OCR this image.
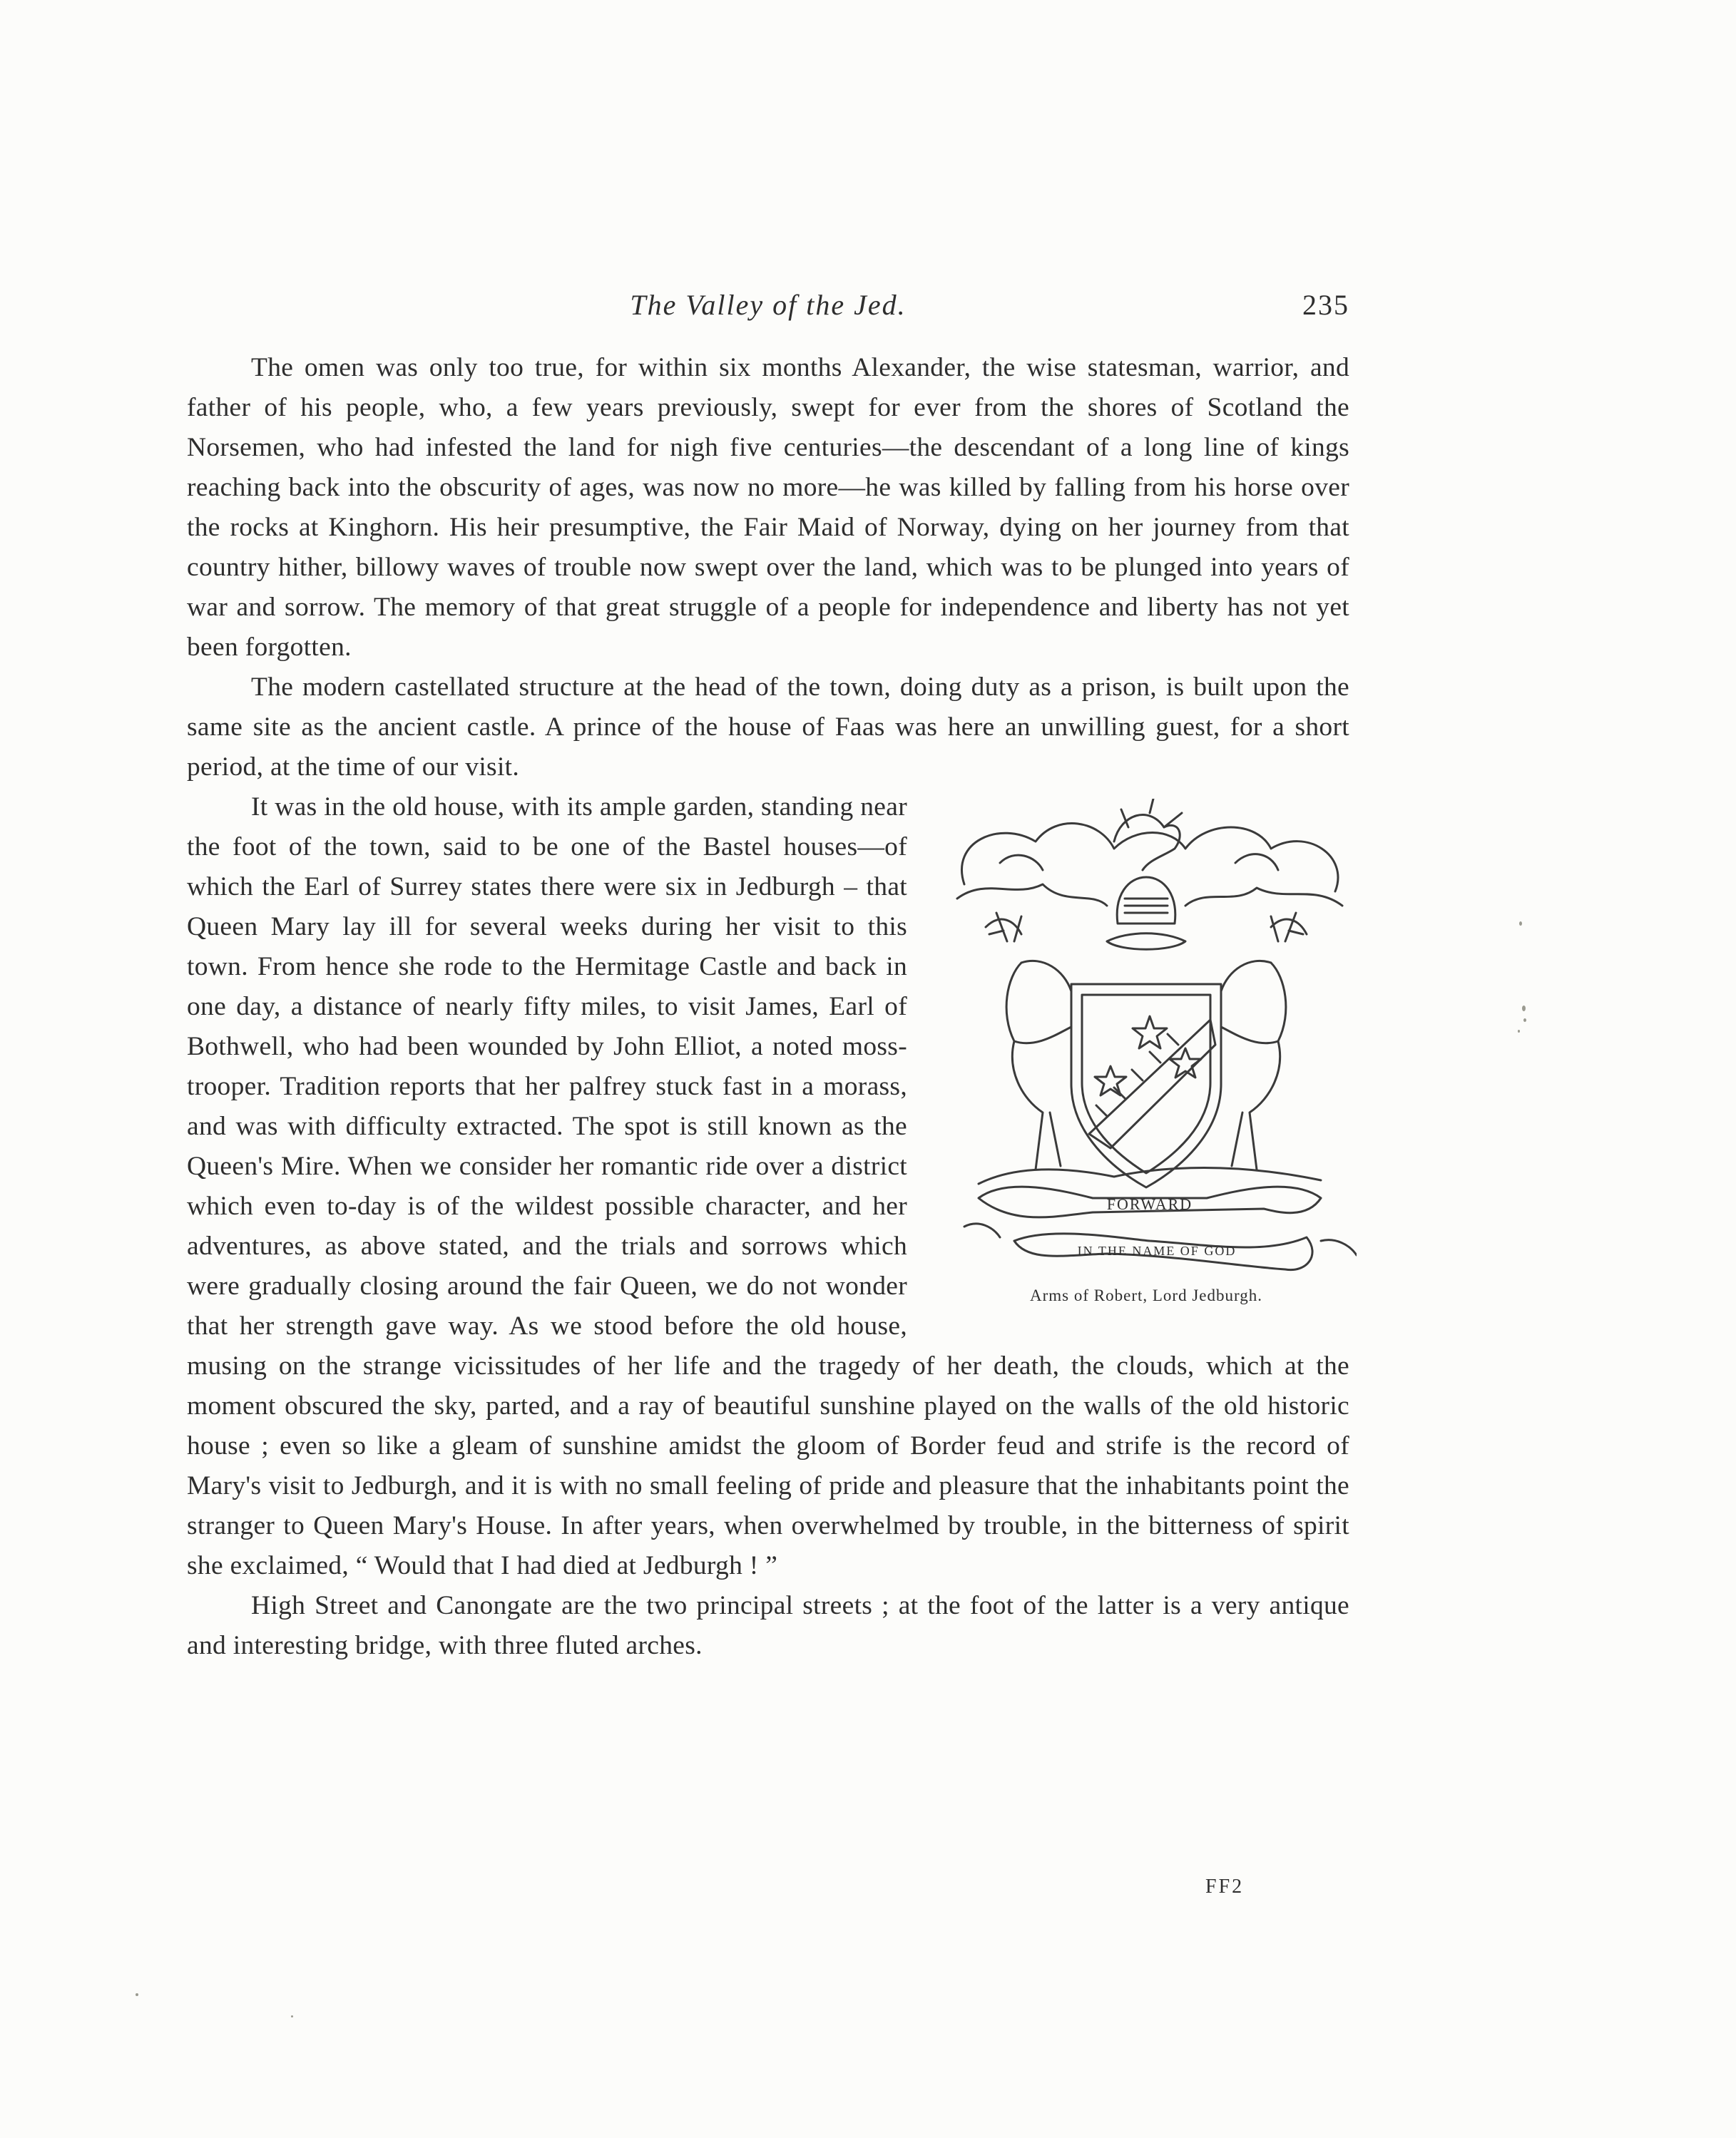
The Valley of the Jed.	235

The omen was only too true, for within six months Alexander, the wise statesman, warrior, and father of his people, who, a few years previously, swept for ever from the shores of Scotland the Norsemen, who had infested the land for nigh five centuries—the descendant of a long line of kings reaching back into the obscurity of ages, was now no more—he was killed by falling from his horse over the rocks at Kinghorn. His heir presumptive, the Fair Maid of Norway, dying on her journey from that country hither, billowy waves of trouble now swept over the land, which was to be plunged into years of war and sorrow. The memory of that great struggle of a people for independence and liberty has not yet been forgotten.

The modern castellated structure at the head of the town, doing duty as a prison, is built upon the same site as the ancient castle. A prince of the house of Faas was here an unwilling guest, for a short period, at the time of our visit.

FORWARD
IN THE NAME OF GOD
Arms of Robert, Lord Jedburgh.

It was in the old house, with its ample garden, standing near the foot of the town, said to be one of the Bastel houses—of which the Earl of Surrey states there were six in Jedburgh – that Queen Mary lay ill for several weeks during her visit to this town. From hence she rode to the Hermitage Castle and back in one day, a distance of nearly fifty miles, to visit James, Earl of Bothwell, who had been wounded by John Elliot, a noted moss-trooper. Tradition reports that her palfrey stuck fast in a morass, and was with difficulty extracted. The spot is still known as the Queen's Mire. When we consider her romantic ride over a district which even to-day is of the wildest possible character, and her adventures, as above stated, and the trials and sorrows which were gradually closing around the fair Queen, we do not wonder that her strength gave way. As we stood before the old house, musing on the strange vicissitudes of her life and the tragedy of her death, the clouds, which at the moment obscured the sky, parted, and a ray of beautiful sunshine played on the walls of the old historic house ; even so like a gleam of sunshine amidst the gloom of Border feud and strife is the record of Mary's visit to Jedburgh, and it is with no small feeling of pride and pleasure that the inhabitants point the stranger to Queen Mary's House. In after years, when overwhelmed by trouble, in the bitterness of spirit she exclaimed, “ Would that I had died at Jedburgh ! ”

High Street and Canongate are the two principal streets ; at the foot of the latter is a very antique and interesting bridge, with three fluted arches.

FF2
